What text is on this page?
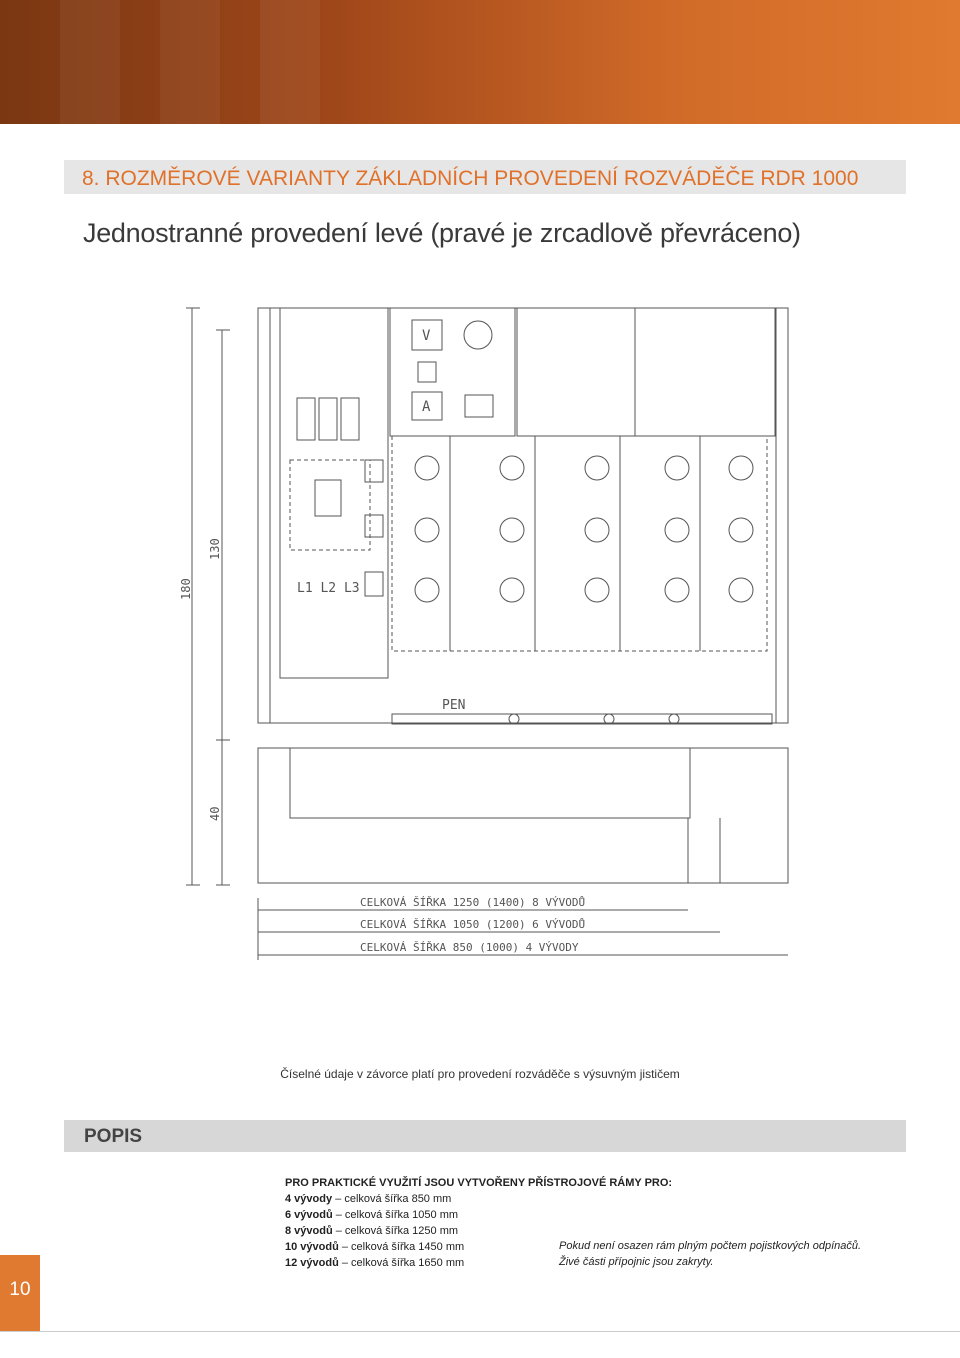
8. ROZMĚROVÉ VARIANTY ZÁKLADNÍCH PROVEDENÍ ROZVÁDĚČE RDR 1000
Jednostranné provedení levé (pravé je zrcadlově převráceno)
V
A
L1 L2 L3
PEN
180
130
40
CELKOVÁ ŠÍŘKA 1250 (1400) 8 VÝVODŮ
CELKOVÁ ŠÍŘKA 1050 (1200) 6 VÝVODŮ
CELKOVÁ ŠÍŘKA 850 (1000) 4 VÝVODY
Číselné údaje v závorce platí pro provedení rozváděče s výsuvným jističem
POPIS
PRO PRAKTICKÉ VYUŽITÍ JSOU VYTVOŘENY PŘÍSTROJOVÉ RÁMY PRO:
4 vývody – celková šířka 850 mm
6 vývodů – celková šířka 1050 mm
8 vývodů – celková šířka 1250 mm
10 vývodů – celková šířka 1450 mm
12 vývodů – celková šířka 1650 mm
Pokud není osazen rám plným počtem pojistkových odpínačů.
Živé části přípojnic jsou zakryty.
10
